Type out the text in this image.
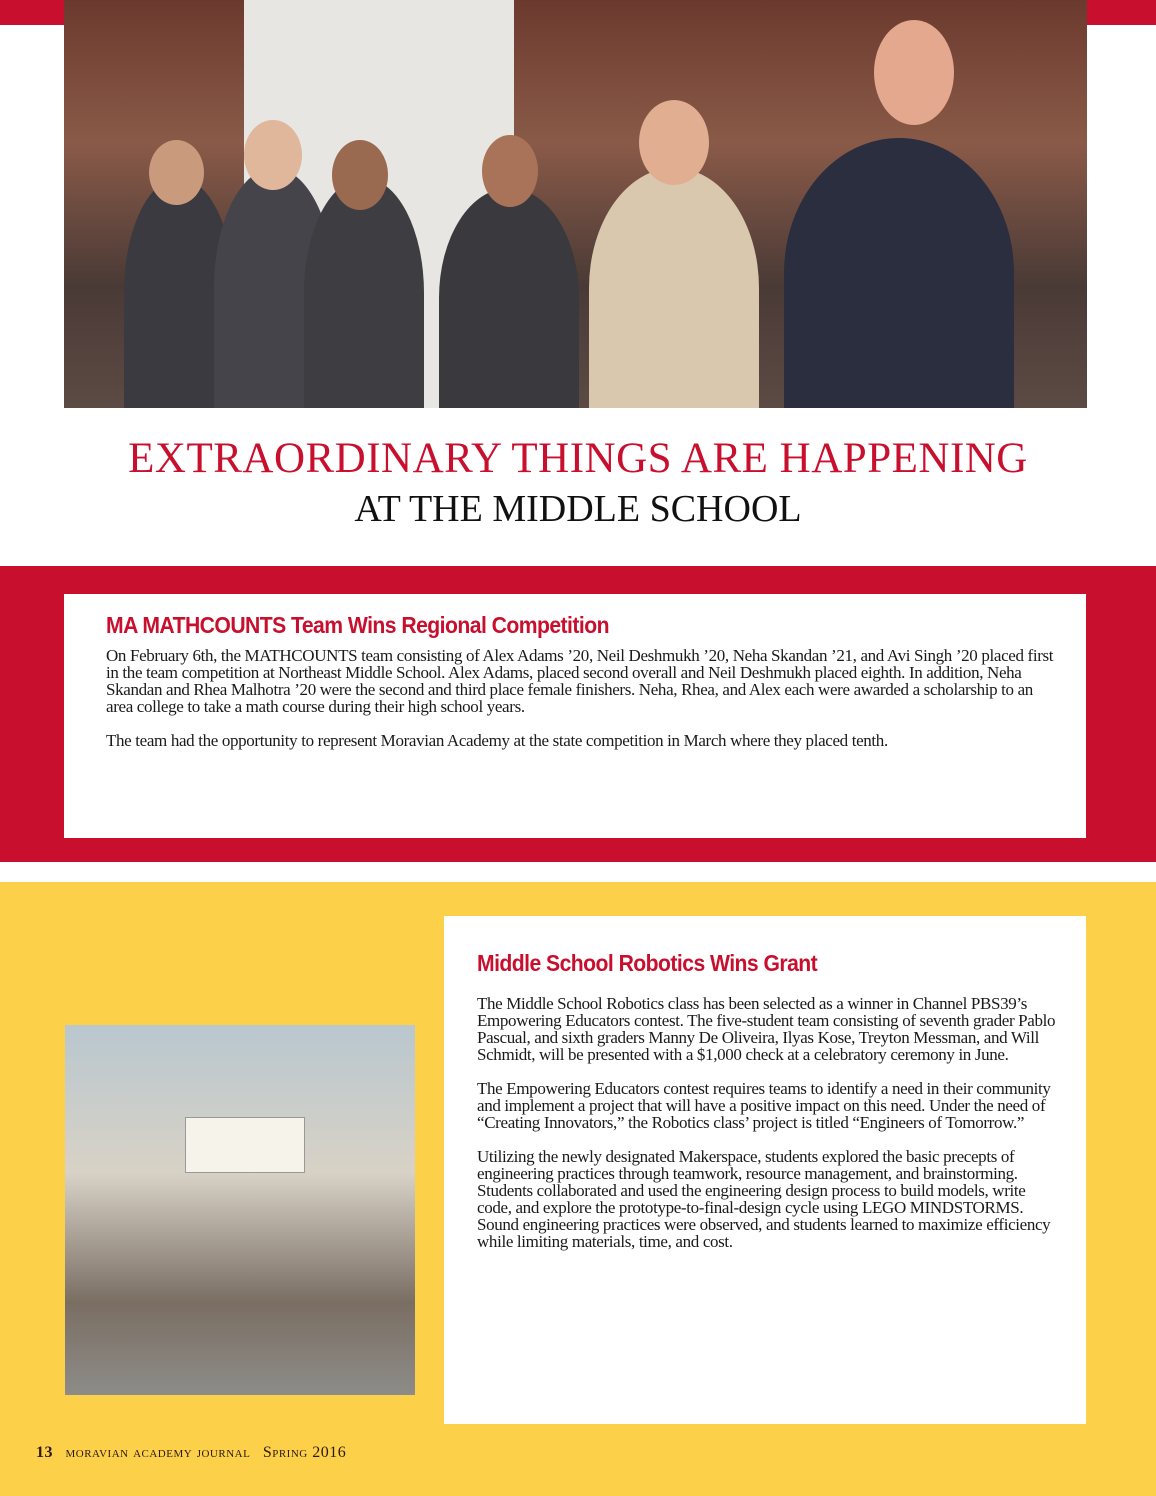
EXTRAORDINARY THINGS ARE HAPPENING
AT THE MIDDLE SCHOOL
MA MATHCOUNTS Team Wins Regional Competition

On February 6th, the MATHCOUNTS team consisting of Alex Adams ’20, Neil Deshmukh ’20, Neha Skandan ’21, and Avi Singh ’20 placed first in the team competition at Northeast Middle School. Alex Adams, placed second overall and Neil Deshmukh placed eighth. In addition, Neha Skandan and Rhea Malhotra ’20 were the second and third place female finishers. Neha, Rhea, and Alex each were awarded a scholarship to an area college to take a math course during their high school years.

The team had the opportunity to represent Moravian Academy at the state competition in March where they placed tenth.

Middle School Robotics Wins Grant

The Middle School Robotics class has been selected as a winner in Channel PBS39’s Empowering Educators contest. The five-student team consisting of seventh grader Pablo Pascual, and sixth graders Manny De Oliveira, Ilyas Kose, Treyton Messman, and Will Schmidt, will be presented with a $1,000 check at a celebratory ceremony in June.

The Empowering Educators contest requires teams to identify a need in their community and implement a project that will have a positive impact on this need. Under the need of “Creating Innovators,” the Robotics class’ project is titled “Engineers of Tomorrow.”

Utilizing the newly designated Makerspace, students explored the basic precepts of engineering practices through teamwork, resource management, and brainstorming. Students collaborated and used the engineering design process to build models, write code, and explore the prototype-to-final-design cycle using LEGO MINDSTORMS. Sound engineering practices were observed, and students learned to maximize efficiency while limiting materials, time, and cost.

13 moravian academy journal Spring 2016
